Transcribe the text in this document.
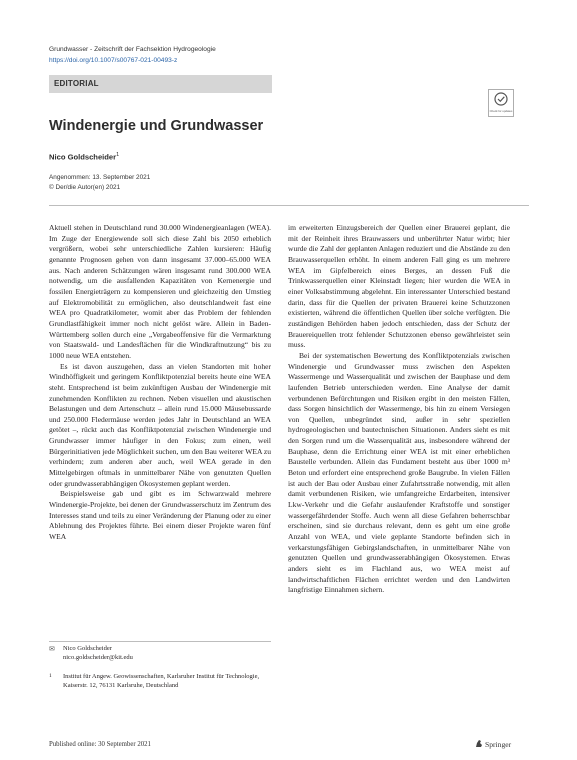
Grundwasser - Zeitschrift der Fachsektion Hydrogeologie
https://doi.org/10.1007/s00767-021-00493-z
EDITORIAL
Check for updates
Windenergie und Grundwasser
Nico Goldscheider$^1$
Angenommen: 13. September 2021
© Der/die Autor(en) 2021

Aktuell stehen in Deutschland rund 30.000 Windenergieanlagen (WEA). Im Zuge der Energiewende soll sich diese Zahl bis 2050 erheblich vergrößern, wobei sehr unterschiedliche Zahlen kursieren: Häufig genannte Prognosen gehen von dann insgesamt 37.000–65.000 WEA aus. Nach anderen Schätzungen wären insgesamt rund 300.000 WEA notwendig, um die ausfallenden Kapazitäten von Kernenergie und fossilen Energieträgern zu kompensieren und gleichzeitig den Umstieg auf Elektromobilität zu ermöglichen, also deutschlandweit fast eine WEA pro Quadratkilometer, womit aber das Problem der fehlenden Grundlastfähigkeit immer noch nicht gelöst wäre. Allein in Baden-Württemberg sollen durch eine „Vergabeoffensive für die Vermarktung von Staatswald- und Landesflächen für die Windkraftnutzung“ bis zu 1000 neue WEA entstehen.

Es ist davon auszugehen, dass an vielen Standorten mit hoher Windhöffigkeit und geringem Konfliktpotenzial bereits heute eine WEA steht. Entsprechend ist beim zukünftigen Ausbau der Windenergie mit zunehmenden Konflikten zu rechnen. Neben visuellen und akustischen Belastungen und dem Artenschutz – allein rund 15.000 Mäusebussarde und 250.000 Fledermäuse werden jedes Jahr in Deutschland an WEA getötet –, rückt auch das Konfliktpotenzial zwischen Windenergie und Grundwasser immer häufiger in den Fokus; zum einen, weil Bürgerinitiativen jede Möglichkeit suchen, um den Bau weiterer WEA zu verhindern; zum anderen aber auch, weil WEA gerade in den Mittelgebirgen oftmals in unmittelbarer Nähe von genutzten Quellen oder grundwasserabhängigen Ökosystemen geplant werden.

Beispielsweise gab und gibt es im Schwarzwald mehrere Windenergie-Projekte, bei denen der Grundwasserschutz im Zentrum des Interesses stand und teils zu einer Veränderung der Planung oder zu einer Ablehnung des Projektes führte. Bei einem dieser Projekte waren fünf WEA

im erweiterten Einzugsbereich der Quellen einer Brauerei geplant, die mit der Reinheit ihres Brauwassers und unberührter Natur wirbt; hier wurde die Zahl der geplanten Anlagen reduziert und die Abstände zu den Brauwasserquellen erhöht. In einem anderen Fall ging es um mehrere WEA im Gipfelbereich eines Berges, an dessen Fuß die Trinkwasserquellen einer Kleinstadt liegen; hier wurden die WEA in einer Volksabstimmung abgelehnt. Ein interessanter Unterschied bestand darin, dass für die Quellen der privaten Brauerei keine Schutzzonen existierten, während die öffentlichen Quellen über solche verfügten. Die zuständigen Behörden haben jedoch entschieden, dass der Schutz der Brauereiquellen trotz fehlender Schutzzonen ebenso gewährleistet sein muss.

Bei der systematischen Bewertung des Konfliktpotenzials zwischen Windenergie und Grundwasser muss zwischen den Aspekten Wassermenge und Wasserqualität und zwischen der Bauphase und dem laufenden Betrieb unterschieden werden. Eine Analyse der damit verbundenen Befürchtungen und Risiken ergibt in den meisten Fällen, dass Sorgen hinsichtlich der Wassermenge, bis hin zu einem Versiegen von Quellen, unbegründet sind, außer in sehr speziellen hydrogeologischen und bautechnischen Situationen. Anders sieht es mit den Sorgen rund um die Wasserqualität aus, insbesondere während der Bauphase, denn die Errichtung einer WEA ist mit einer erheblichen Baustelle verbunden. Allein das Fundament besteht aus über 1000 m³ Beton und erfordert eine entsprechend große Baugrube. In vielen Fällen ist auch der Bau oder Ausbau einer Zufahrtsstraße notwendig, mit allen damit verbundenen Risiken, wie umfangreiche Erdarbeiten, intensiver Lkw-Verkehr und die Gefahr auslaufender Kraftstoffe und sonstiger wassergefährdender Stoffe. Auch wenn all diese Gefahren beherrschbar erscheinen, sind sie durchaus relevant, denn es geht um eine große Anzahl von WEA, und viele geplante Standorte befinden sich in verkarstungsfähigen Gebirgslandschaften, in unmittelbarer Nähe von genutzten Quellen und grundwasserabhängigen Ökosystemen. Etwas anders sieht es im Flachland aus, wo WEA meist auf landwirtschaftlichen Flächen errichtet werden und den Landwirten langfristige Einnahmen sichern.

✉ Nico Goldscheider
nico.goldscheider@kit.edu
1 Institut für Angew. Geowissenschaften, Karlsruher Institut für Technologie, Kaiserstr. 12, 76131 Karlsruhe, Deutschland
Published online: 30 September 2021	Springer
